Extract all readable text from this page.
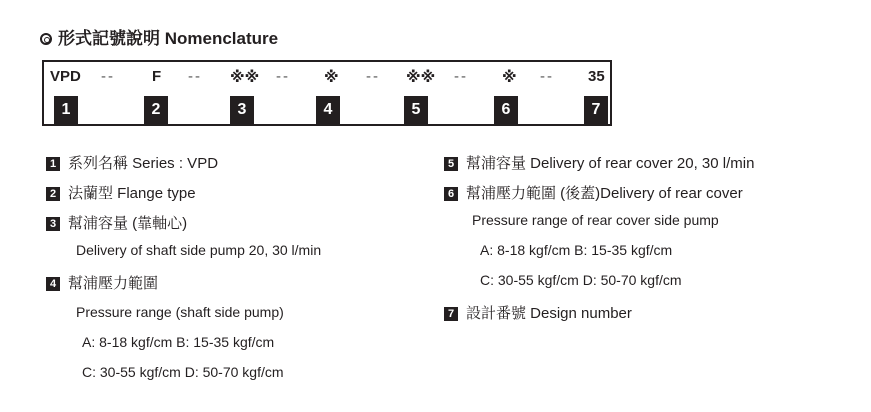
形式記號說明 Nomenclature
VPD -- F -- ※※ -- ※ -- ※※ -- ※ -- 35
1	2	3	4	5	6	7
1 系列名稱 Series : VPD
2 法蘭型 Flange type
3 幫浦容量 (靠軸心)
Delivery of shaft side pump 20, 30 l/min
4 幫浦壓力範圍
Pressure range (shaft side pump)
A: 8-18 kgf/cm B: 15-35 kgf/cm
C: 30-55 kgf/cm D: 50-70 kgf/cm
5 幫浦容量 Delivery of rear cover 20, 30 l/min
6 幫浦壓力範圍 (後蓋)Delivery of rear cover
Pressure range of rear cover side pump
A: 8-18 kgf/cm B: 15-35 kgf/cm
C: 30-55 kgf/cm D: 50-70 kgf/cm
7 設計番號 Design number
